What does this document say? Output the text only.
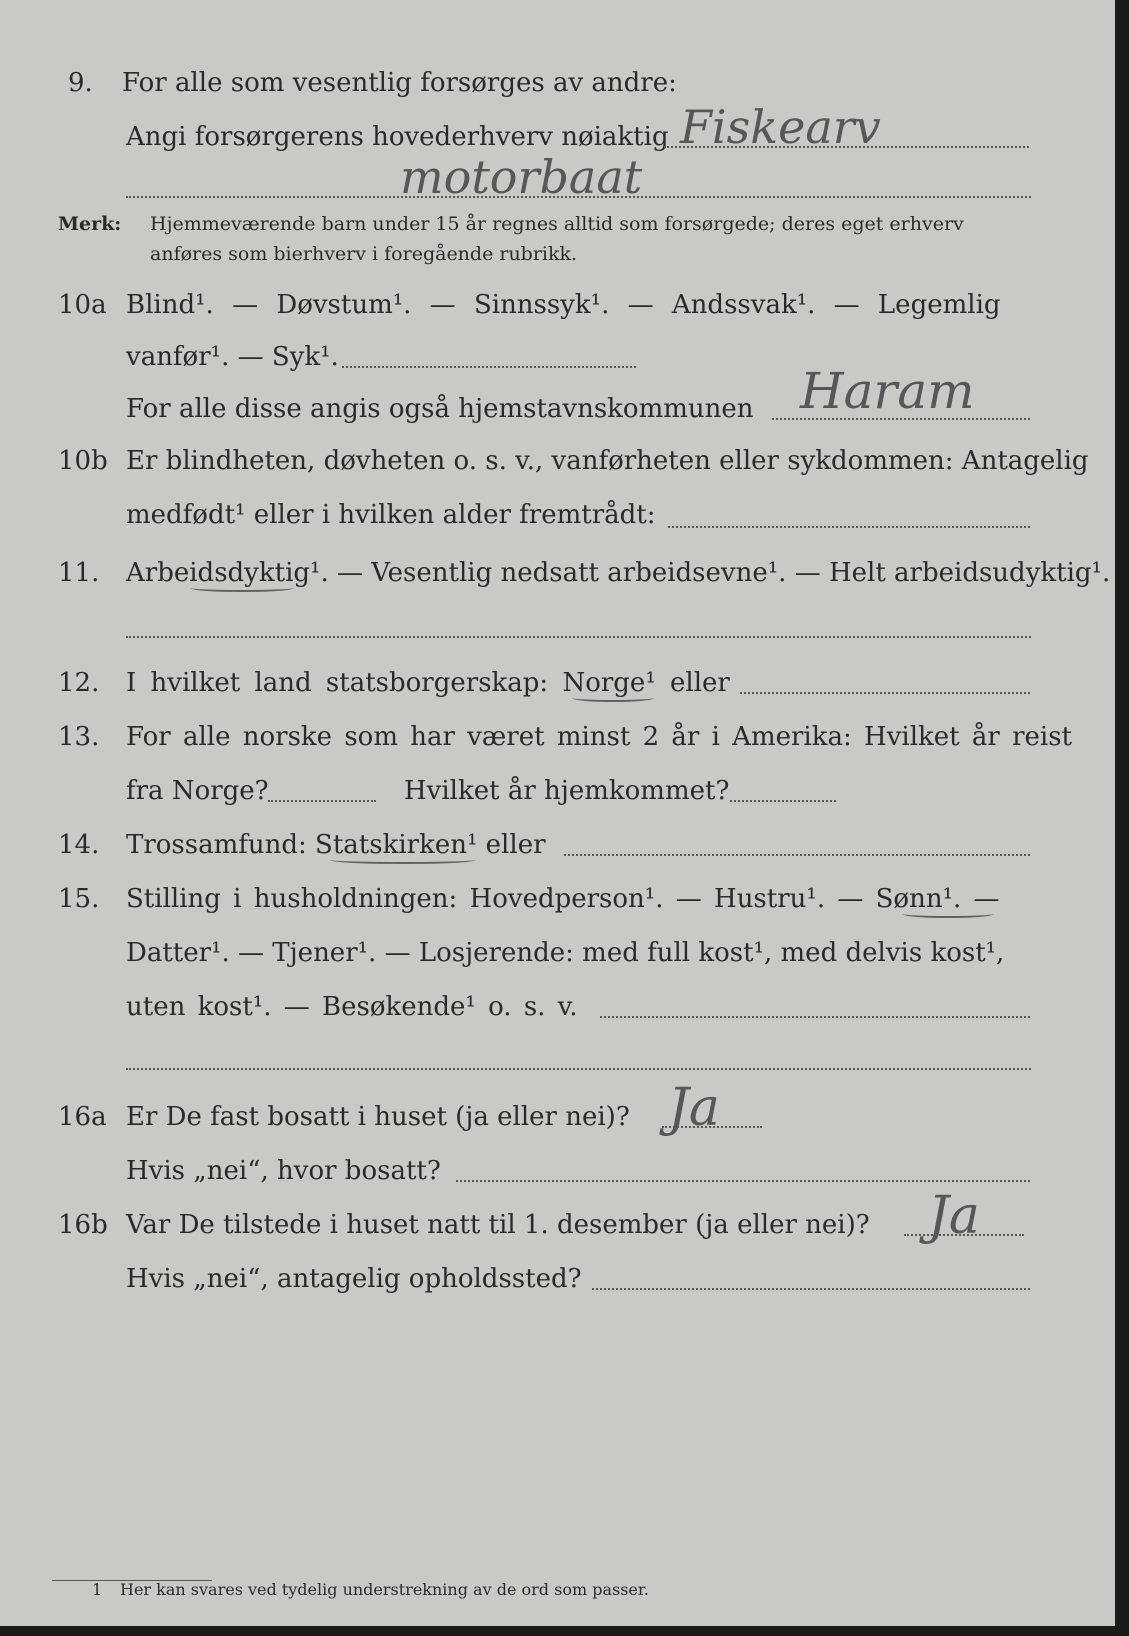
9. For alle som vesentlig forsørges av andre:
Angi forsørgerens hovederhverv nøiaktig Fiskearv
motorbaat
Merk: Hjemmeværende barn under 15 år regnes alltid som forsørgede; deres eget erhverv
anføres som bierhverv i foregående rubrikk.
10a Blind¹. — Døvstum¹. — Sinnssyk¹. — Andssvak¹. — Legemlig
vanfør¹. — Syk¹.
For alle disse angis også hjemstavnskommunen Haram
10b Er blindheten, døvheten o. s. v., vanførheten eller sykdommen: Antagelig
medfødt¹ eller i hvilken alder fremtrådt:
11. Arbeidsdyktig¹. — Vesentlig nedsatt arbeidsevne¹. — Helt arbeidsudyktig¹.
12. I hvilket land statsborgerskap: Norge¹ eller
13. For alle norske som har været minst 2 år i Amerika: Hvilket år reist
fra Norge?	Hvilket år hjemkommet?
14. Trossamfund: Statskirken¹ eller
15. Stilling i husholdningen: Hovedperson¹. — Hustru¹. — Sønn¹. —
Datter¹. — Tjener¹. — Losjerende: med full kost¹, med delvis kost¹,
uten kost¹. — Besøkende¹ o. s. v.
16a Er De fast bosatt i huset (ja eller nei)? Ja
Hvis „nei“, hvor bosatt?
16b Var De tilstede i huset natt til 1. desember (ja eller nei)? Ja
Hvis „nei“, antagelig opholdssted?
1 Her kan svares ved tydelig understrekning av de ord som passer.
